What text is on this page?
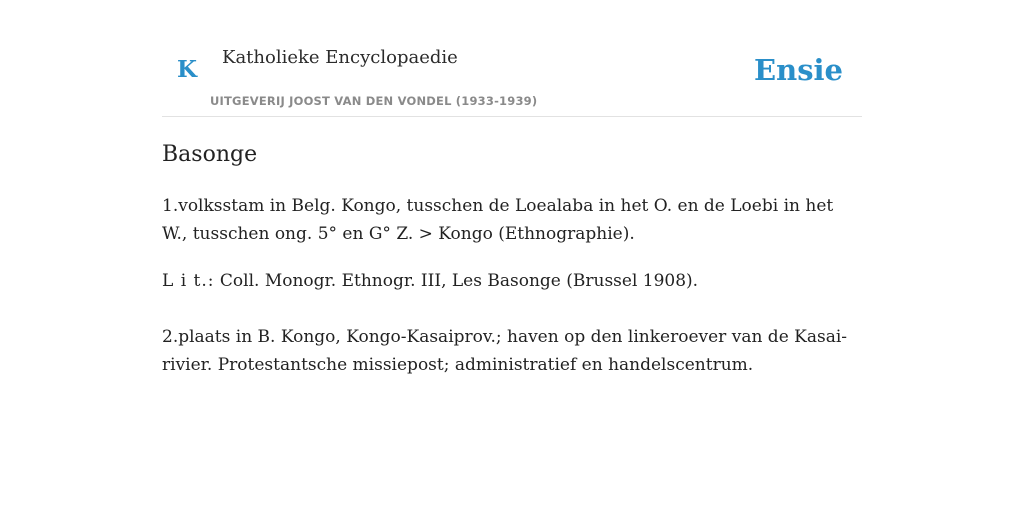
K Katholieke Encyclopaedie
UITGEVERIJ JOOST VAN DEN VONDEL (1933-1939)
Ensie
Basonge

1.volksstam in Belg. Kongo, tusschen de Loealaba in het O. en de Loebi in het W., tusschen ong. 5° en G° Z. > Kongo (Ethnographie).

L i t.: Coll. Monogr. Ethnogr. III, Les Basonge (Brussel 1908).

2.plaats in B. Kongo, Kongo-Kasaiprov.; haven op den linkeroever van de Kasai-rivier. Protestantsche missiepost; administratief en handelscentrum.
